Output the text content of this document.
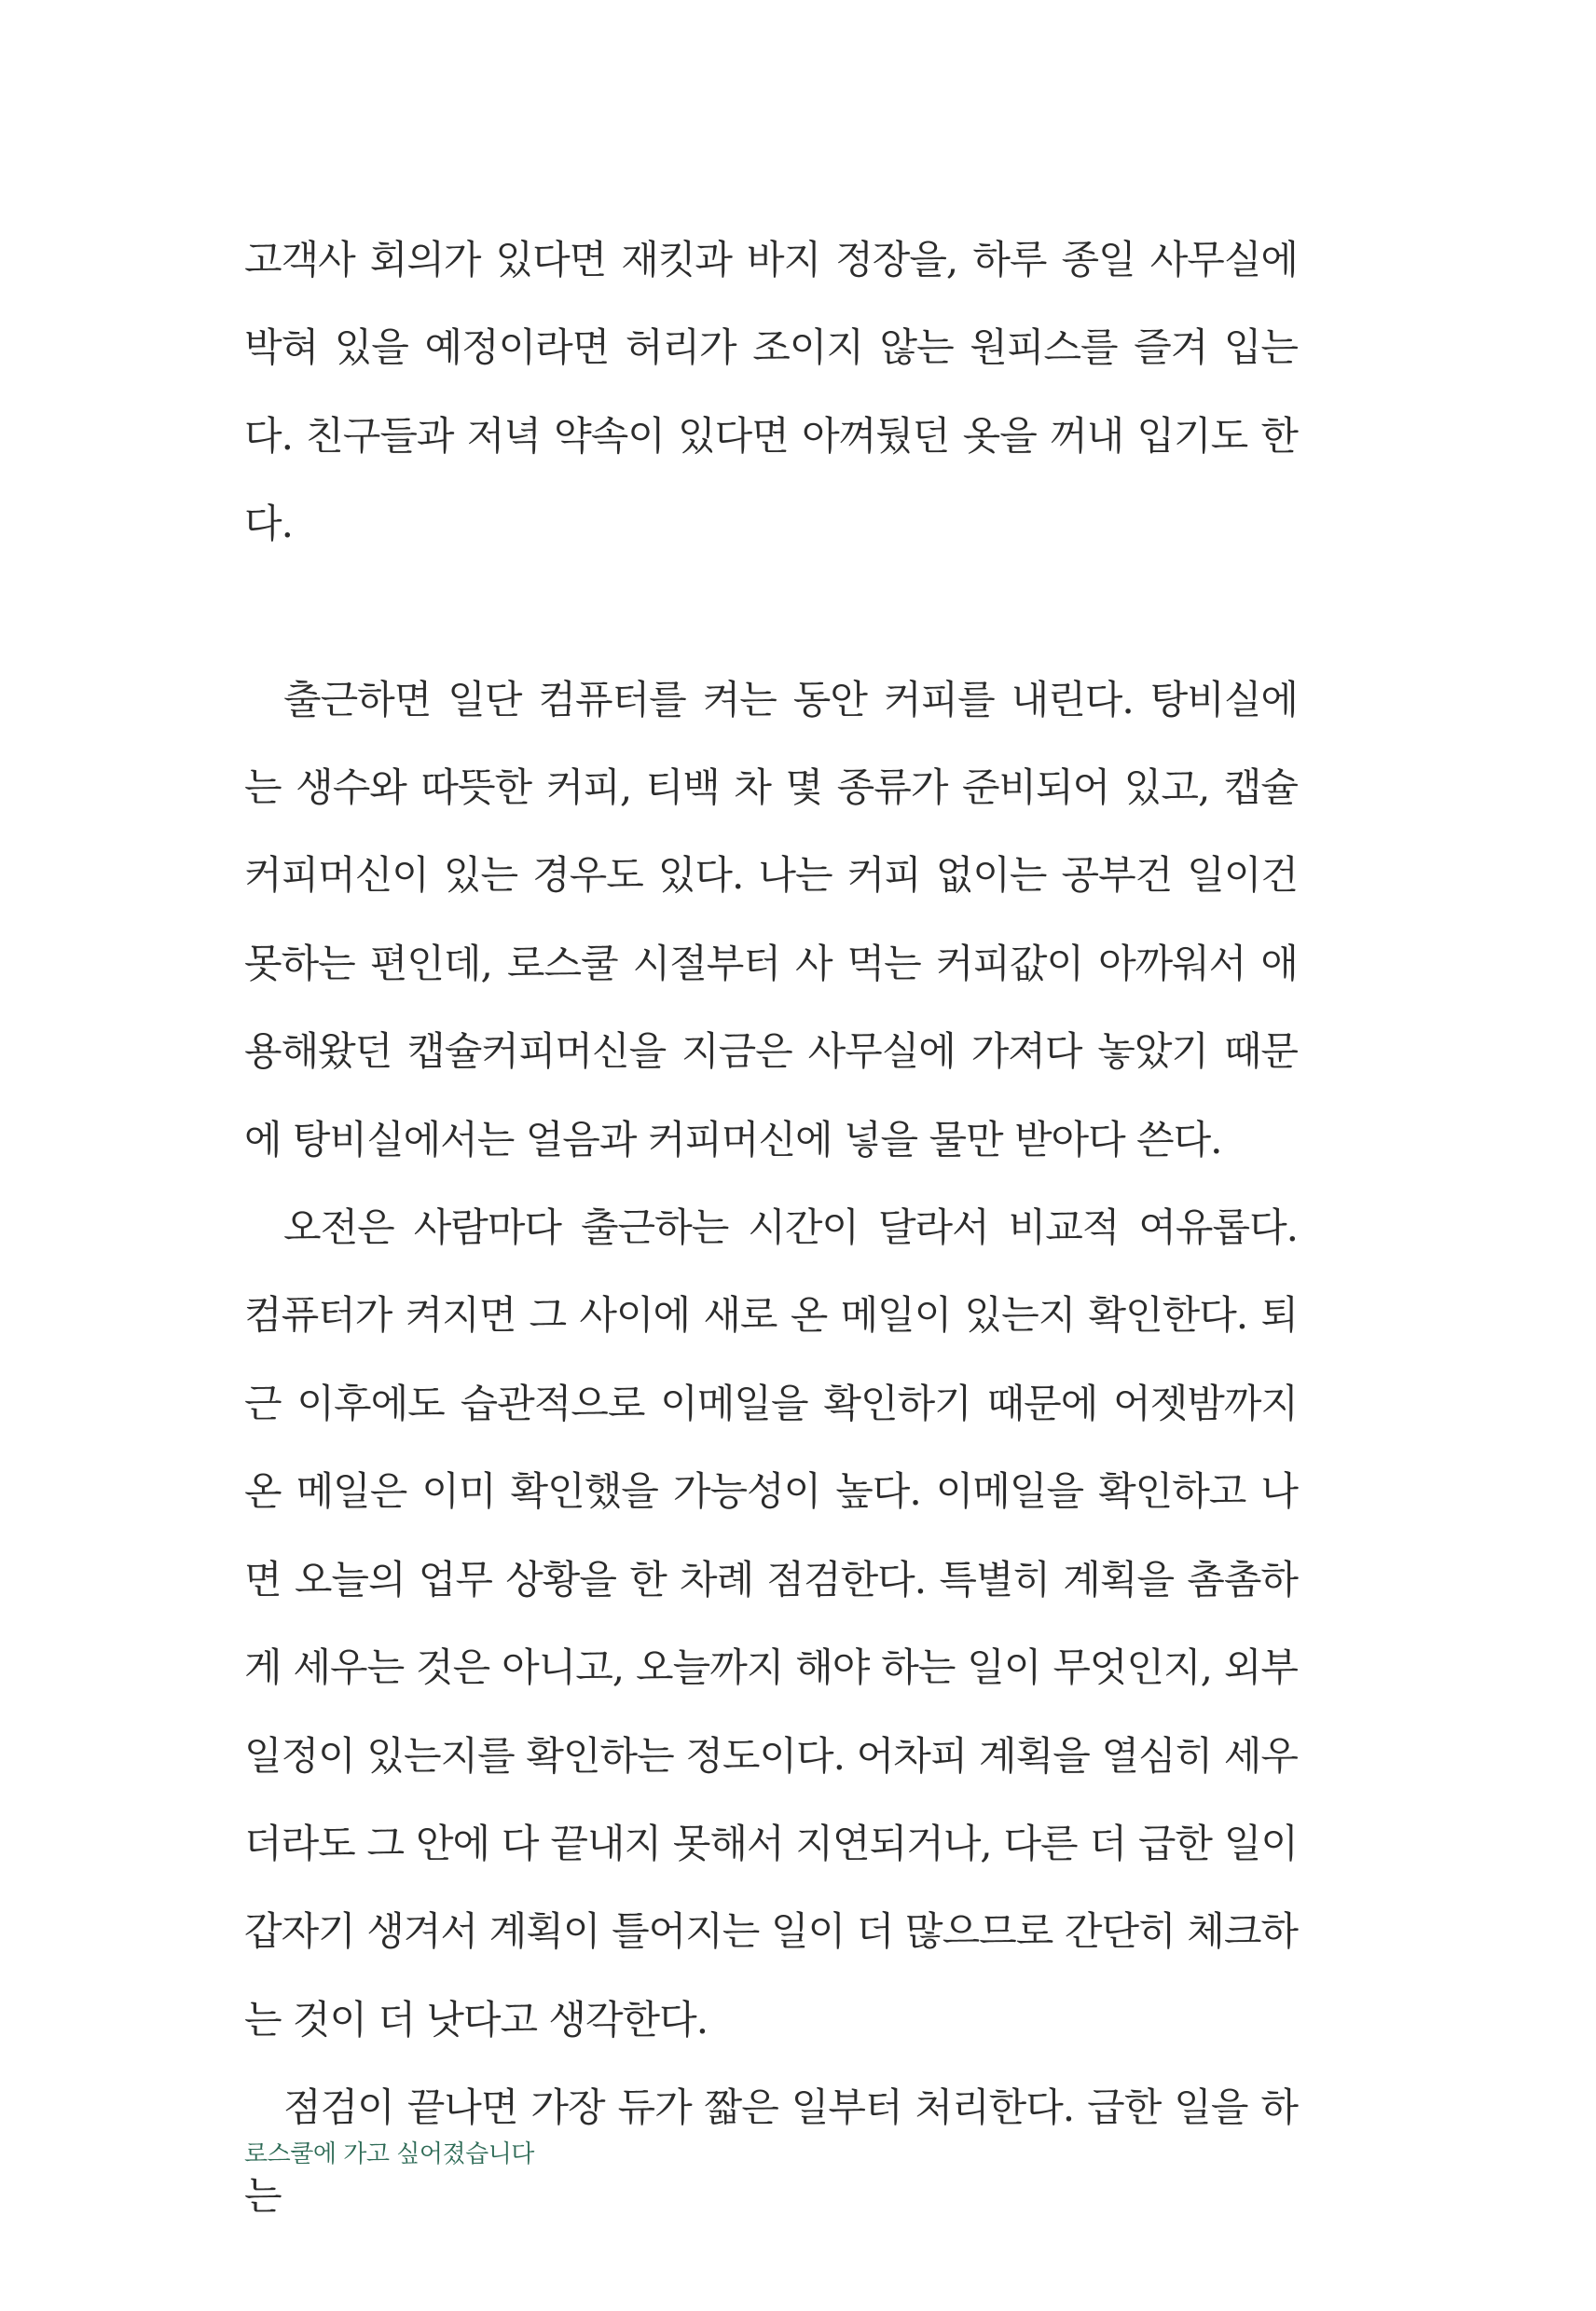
고객사 회의가 있다면 재킷과 바지 정장을, 하루 종일 사무실에 박혀 있을 예정이라면 허리가 조이지 않는 원피스를 즐겨 입는다. 친구들과 저녁 약속이 있다면 아껴뒀던 옷을 꺼내 입기도 한다.

출근하면 일단 컴퓨터를 켜는 동안 커피를 내린다. 탕비실에는 생수와 따뜻한 커피, 티백 차 몇 종류가 준비되어 있고, 캡슐커피머신이 있는 경우도 있다. 나는 커피 없이는 공부건 일이건 못하는 편인데, 로스쿨 시절부터 사 먹는 커피값이 아까워서 애용해왔던 캡슐커피머신을 지금은 사무실에 가져다 놓았기 때문에 탕비실에서는 얼음과 커피머신에 넣을 물만 받아다 쓴다.

오전은 사람마다 출근하는 시간이 달라서 비교적 여유롭다. 컴퓨터가 켜지면 그 사이에 새로 온 메일이 있는지 확인한다. 퇴근 이후에도 습관적으로 이메일을 확인하기 때문에 어젯밤까지 온 메일은 이미 확인했을 가능성이 높다. 이메일을 확인하고 나면 오늘의 업무 상황을 한 차례 점검한다. 특별히 계획을 촘촘하게 세우는 것은 아니고, 오늘까지 해야 하는 일이 무엇인지, 외부 일정이 있는지를 확인하는 정도이다. 어차피 계획을 열심히 세우더라도 그 안에 다 끝내지 못해서 지연되거나, 다른 더 급한 일이 갑자기 생겨서 계획이 틀어지는 일이 더 많으므로 간단히 체크하는 것이 더 낫다고 생각한다.

점검이 끝나면 가장 듀가 짧은 일부터 처리한다. 급한 일을 하는

로스쿨에 가고 싶어졌습니다
